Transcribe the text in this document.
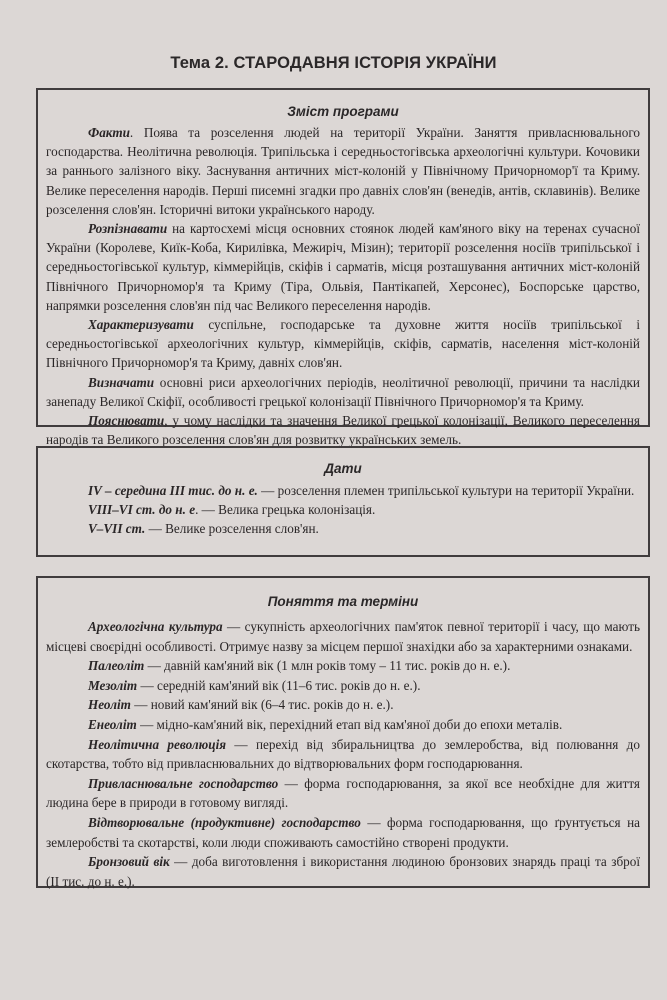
Тема 2. СТАРОДАВНЯ ІСТОРІЯ УКРАЇНИ
Зміст програми

Факти. Поява та розселення людей на території України. Заняття привласнювального господарства. Неолітична революція. Трипільська і середньостогівська археологічні культури. Кочовики за раннього залізного віку. Заснування античних міст-колоній у Північному Причорномор'ї та Криму. Велике переселення народів. Перші писемні згадки про давніх слов'ян (венедів, антів, склавинів). Велике розселення слов'ян. Історичні витоки українського народу.

Розпізнавати на картосхемі місця основних стоянок людей кам'яного віку на теренах сучасної України (Королеве, Киїк-Коба, Кирилівка, Межиріч, Мізин); території розселення носіїв трипільської і середньостогівської культур, кіммерійців, скіфів і сарматів, місця розташування античних міст-колоній Північного Причорномор'я та Криму (Тіра, Ольвія, Пантікапей, Херсонес), Боспорське царство, напрямки розселення слов'ян під час Великого переселення народів.

Характеризувати суспільне, господарське та духовне життя носіїв трипільської і середньостогівської археологічних культур, кіммерійців, скіфів, сарматів, населення міст-колоній Північного Причорномор'я та Криму, давніх слов'ян.

Визначати основні риси археологічних періодів, неолітичної революції, причини та наслідки занепаду Великої Скіфії, особливості грецької колонізації Північного Причорномор'я та Криму.

Пояснювати, у чому наслідки та значення Великої грецької колонізації, Великого переселення народів та Великого розселення слов'ян для розвитку українських земель.

Дати

IV – середина III тис. до н. е. — розселення племен трипільської культури на території України.

VIII–VI ст. до н. е. — Велика грецька колонізація.

V–VII ст. — Велике розселення слов'ян.

Поняття та терміни

Археологічна культура — сукупність археологічних пам'яток певної території і часу, що мають місцеві своєрідні особливості. Отримує назву за місцем першої знахідки або за характерними ознаками.

Палеоліт — давній кам'яний вік (1 млн років тому – 11 тис. років до н. е.).

Мезоліт — середній кам'яний вік (11–6 тис. років до н. е.).

Неоліт — новий кам'яний вік (6–4 тис. років до н. е.).

Енеоліт — мідно-кам'яний вік, перехідний етап від кам'яної доби до епохи металів.

Неолітична революція — перехід від збиральництва до землеробства, від полювання до скотарства, тобто від привласнювальних до відтворювальних форм господарювання.

Привласнювальне господарство — форма господарювання, за якої все необхідне для життя людина бере в природи в готовому вигляді.

Відтворювальне (продуктивне) господарство — форма господарювання, що ґрунтується на землеробстві та скотарстві, коли люди споживають самостійно створені продукти.

Бронзовий вік — доба виготовлення і використання людиною бронзових знарядь праці та зброї (II тис. до н. е.).
